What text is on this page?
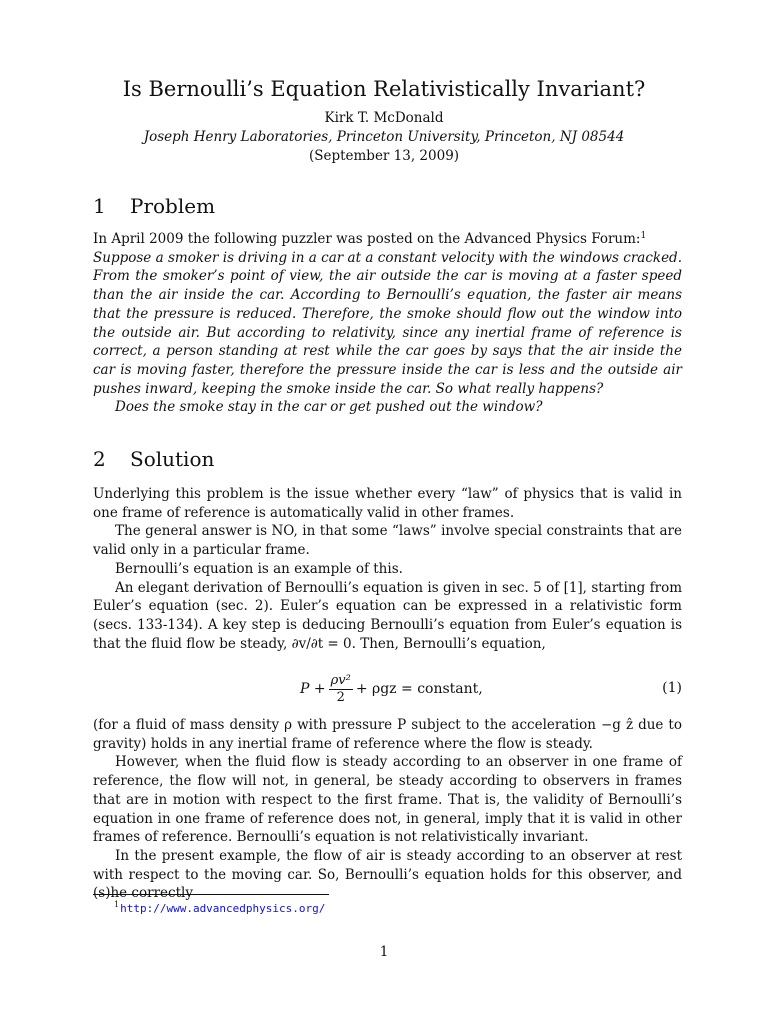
Is Bernoulli’s Equation Relativistically Invariant?
Kirk T. McDonald
Joseph Henry Laboratories, Princeton University, Princeton, NJ 08544
(September 13, 2009)
1 Problem

In April 2009 the following puzzler was posted on the Advanced Physics Forum:$^1$

Suppose a smoker is driving in a car at a constant velocity with the windows cracked. From the smoker’s point of view, the air outside the car is moving at a faster speed than the air inside the car. According to Bernoulli’s equation, the faster air means that the pressure is reduced. Therefore, the smoke should flow out the window into the outside air. But according to relativity, since any inertial frame of reference is correct, a person standing at rest while the car goes by says that the air inside the car is moving faster, therefore the pressure inside the car is less and the outside air pushes inward, keeping the smoke inside the car. So what really happens?

Does the smoke stay in the car or get pushed out the window?

2 Solution

Underlying this problem is the issue whether every “law” of physics that is valid in one frame of reference is automatically valid in other frames.

The general answer is NO, in that some “laws” involve special constraints that are valid only in a particular frame.

Bernoulli’s equation is an example of this.

An elegant derivation of Bernoulli’s equation is given in sec. 5 of [1], starting from Euler’s equation (sec. 2). Euler’s equation can be expressed in a relativistic form (secs. 133-134). A key step is deducing Bernoulli’s equation from Euler’s equation is that the fluid flow be steady, ∂v/∂t = 0. Then, Bernoulli’s equation,

$P + \frac{\text{ρv²}}{2} + \rho gz$ = constant,	(1)

(for a fluid of mass density ρ with pressure P subject to the acceleration −g ẑ due to gravity) holds in any inertial frame of reference where the flow is steady.

However, when the fluid flow is steady according to an observer in one frame of reference, the flow will not, in general, be steady according to observers in frames that are in motion with respect to the first frame. That is, the validity of Bernoulli’s equation in one frame of reference does not, in general, imply that it is valid in other frames of reference. Bernoulli’s equation is not relativistically invariant.

In the present example, the flow of air is steady according to an observer at rest with respect to the moving car. So, Bernoulli’s equation holds for this observer, and (s)he correctly

$^1$http://www.advancedphysics.org/
1
